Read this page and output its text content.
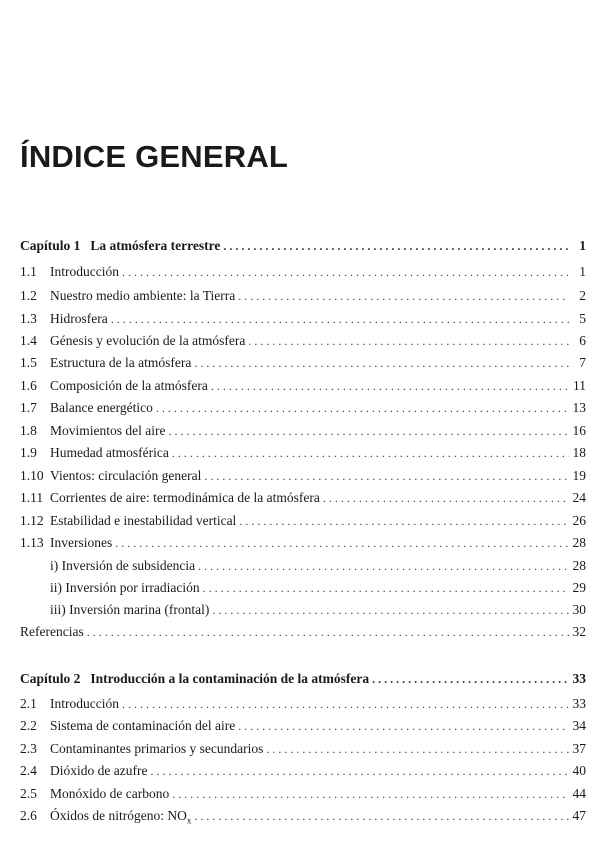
ÍNDICE GENERAL
Capítulo 1 La atmósfera terrestre . . .	1
1.1 Introducción . . .	1
1.2 Nuestro medio ambiente: la Tierra . . .	2
1.3 Hidrosfera . . .	5
1.4 Génesis y evolución de la atmósfera . . .	6
1.5 Estructura de la atmósfera . . .	7
1.6 Composición de la atmósfera . . .	11
1.7 Balance energético . . .	13
1.8 Movimientos del aire . . .	16
1.9 Humedad atmosférica . . .	18
1.10 Vientos: circulación general . . .	19
1.11 Corrientes de aire: termodinámica de la atmósfera . . .	24
1.12 Estabilidad e inestabilidad vertical . . .	26
1.13 Inversiones . . .	28
i) Inversión de subsidencia . . .	28
ii) Inversión por irradiación . . .	29
iii) Inversión marina (frontal) . . .	30
Referencias . . .	32
Capítulo 2 Introducción a la contaminación de la atmósfera . . .	33
2.1 Introducción . . .	33
2.2 Sistema de contaminación del aire . . .	34
2.3 Contaminantes primarios y secundarios . . .	37
2.4 Dióxido de azufre . . .	40
2.5 Monóxido de carbono . . .	44
2.6 Óxidos de nitrógeno: $NO_x$ . . .	47
